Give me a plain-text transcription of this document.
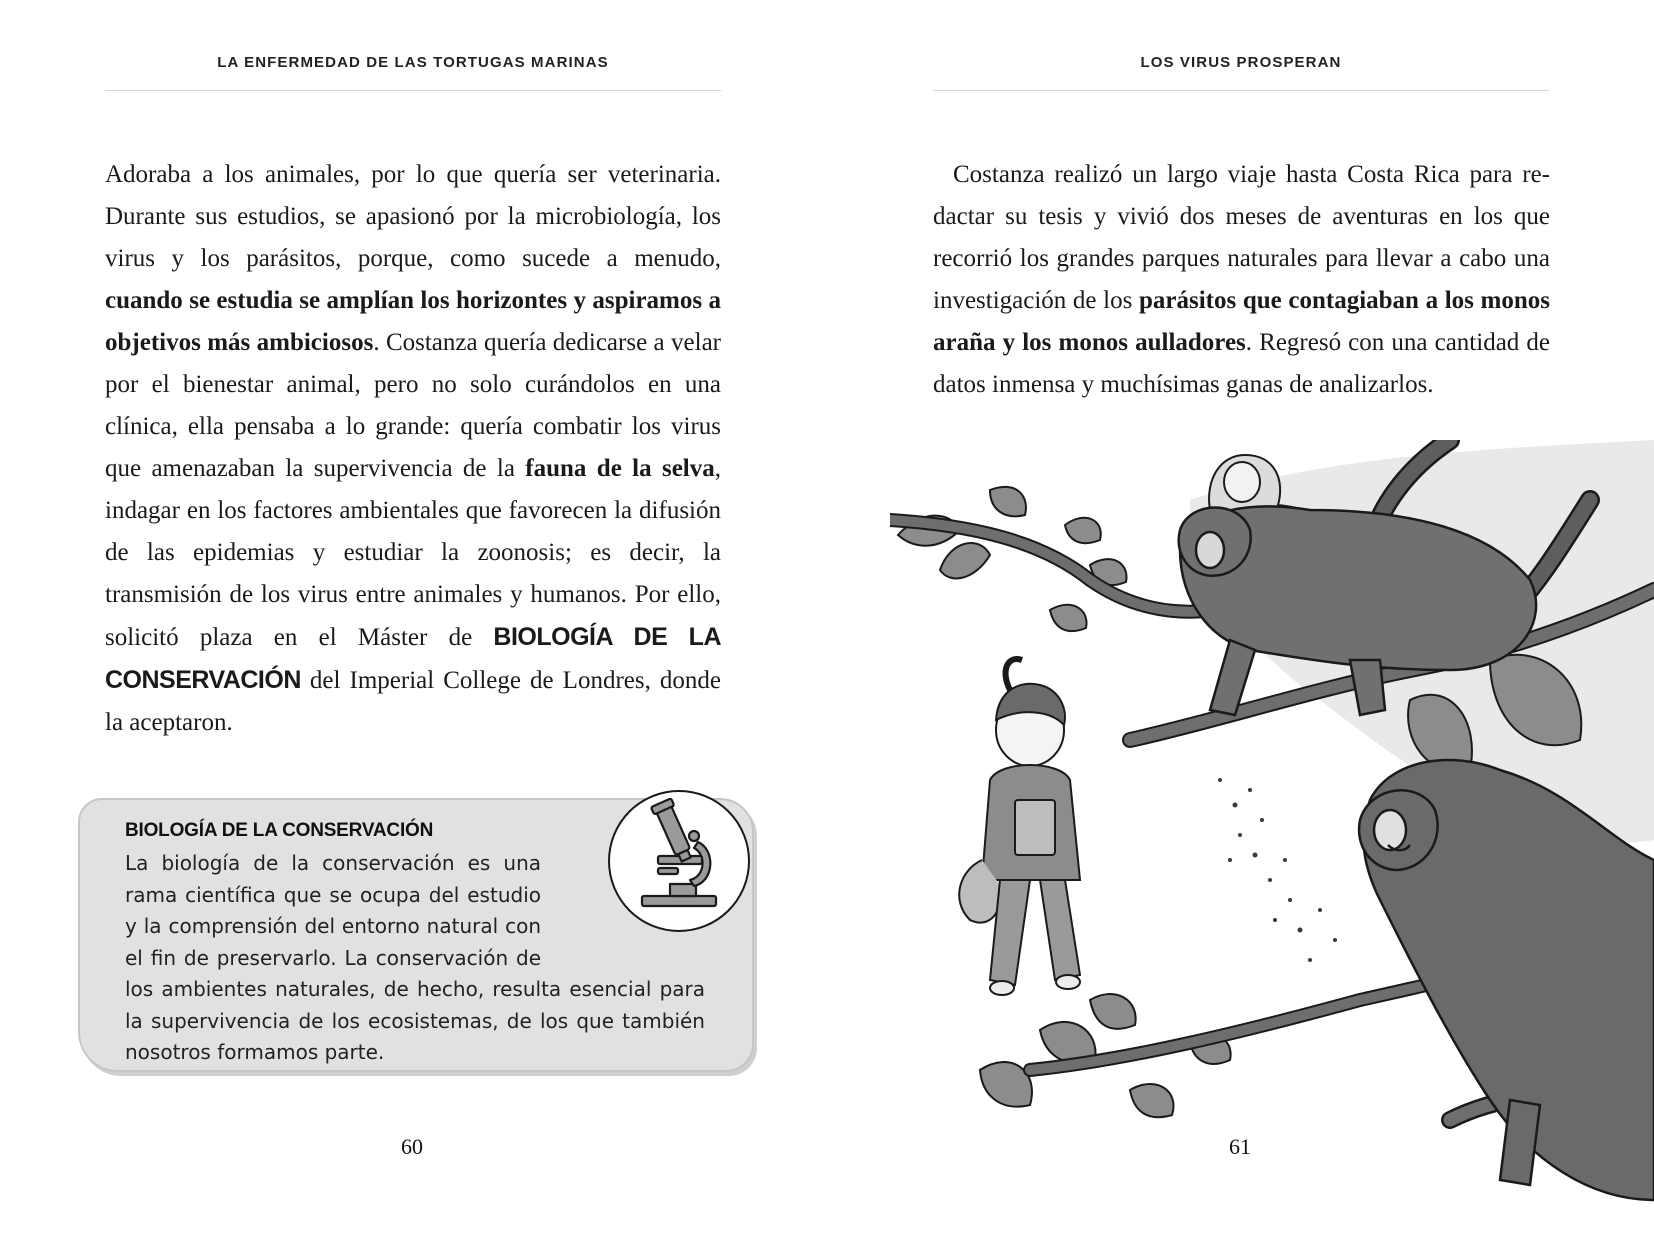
LA ENFERMEDAD DE LAS TORTUGAS MARINAS

Adoraba a los animales, por lo que quería ser veterinaria. Durante sus estudios, se apasionó por la microbiología, los virus y los parásitos, porque, como sucede a menudo, cuando se estudia se amplían los horizontes y aspiramos a objetivos más ambiciosos. Costanza quería dedicarse a velar por el bienestar animal, pero no solo curándolos en una clínica, ella pensaba a lo grande: quería combatir los virus que amenazaban la supervivencia de la fauna de la selva, indagar en los factores ambientales que favorecen la difusión de las epidemias y estudiar la zoonosis; es decir, la transmisión de los virus entre animales y humanos. Por ello, solicitó plaza en el Máster de BIOLOGÍA DE LA CONSERVACIÓN del Imperial College de Londres, donde la aceptaron.

BIOLOGÍA DE LA CONSERVACIÓN
La biología de la conservación es una rama científica que se ocupa del estudio y la comprensión del entorno natural con el fin de preservarlo. La conservación de los ambientes naturales, de hecho, resulta esencial para la supervivencia de los ecosistemas, de los que también nosotros formamos parte.
60
LOS VIRUS PROSPERAN

Costanza realizó un largo viaje hasta Costa Rica para redactar su tesis y vivió dos meses de aventuras en los que recorrió los grandes parques naturales para llevar a cabo una investigación de los parásitos que contagiaban a los monos araña y los monos aulladores. Regresó con una cantidad de datos inmensa y muchísimas ganas de analizarlos.

61
